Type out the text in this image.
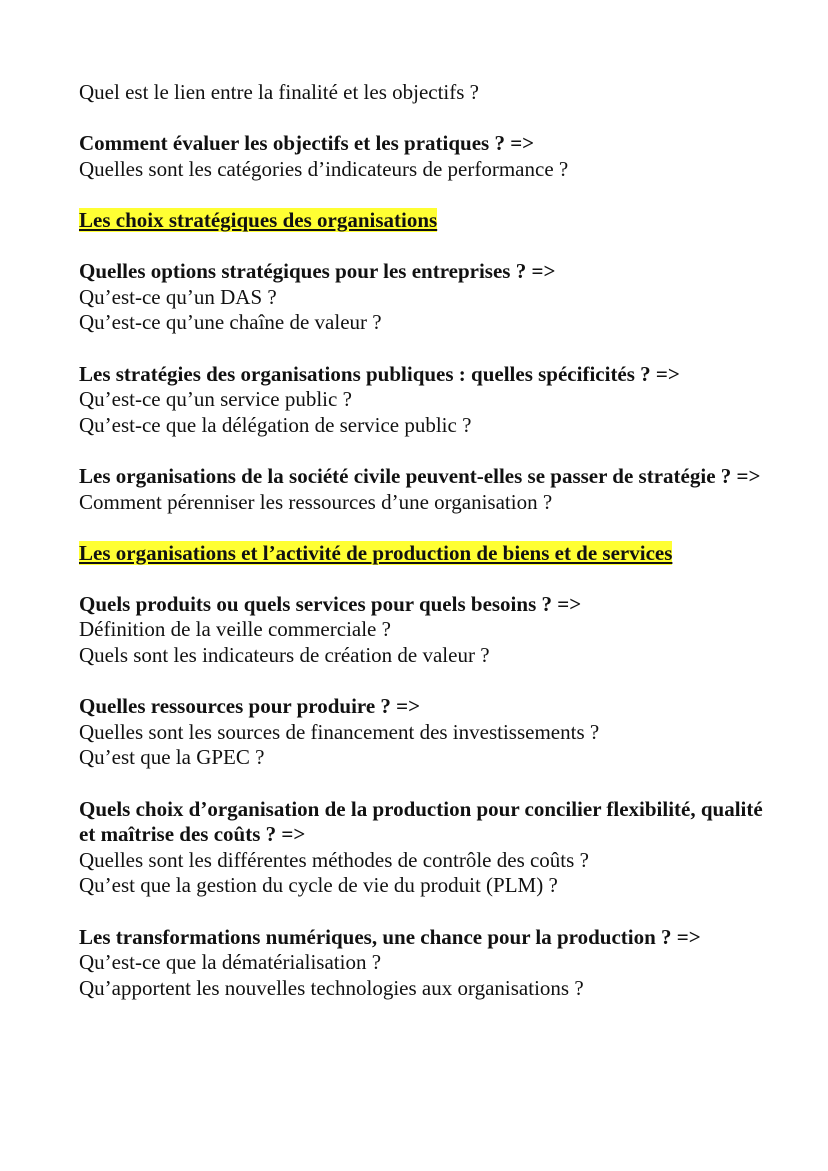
Quel est le lien entre la finalité et les objectifs ?
Comment évaluer les objectifs et les pratiques ? =>
Quelles sont les catégories d’indicateurs de performance ?
Les choix stratégiques des organisations
Quelles options stratégiques pour les entreprises ? =>
Qu’est-ce qu’un DAS ?
Qu’est-ce qu’une chaîne de valeur ?
Les stratégies des organisations publiques : quelles spécificités ? =>
Qu’est-ce qu’un service public ?
Qu’est-ce que la délégation de service public ?
Les organisations de la société civile peuvent-elles se passer de stratégie ? =>
Comment pérenniser les ressources d’une organisation ?
Les organisations et l’activité de production de biens et de services
Quels produits ou quels services pour quels besoins ? =>
Définition de la veille commerciale ?
Quels sont les indicateurs de création de valeur ?
Quelles ressources pour produire ? =>
Quelles sont les sources de financement des investissements ?
Qu’est que la GPEC ?
Quels choix d’organisation de la production pour concilier flexibilité, qualité et maîtrise des coûts ? =>
Quelles sont les différentes méthodes de contrôle des coûts ?
Qu’est que la gestion du cycle de vie du produit (PLM) ?
Les transformations numériques, une chance pour la production ? =>
Qu’est-ce que la dématérialisation ?
Qu’apportent les nouvelles technologies aux organisations ?
